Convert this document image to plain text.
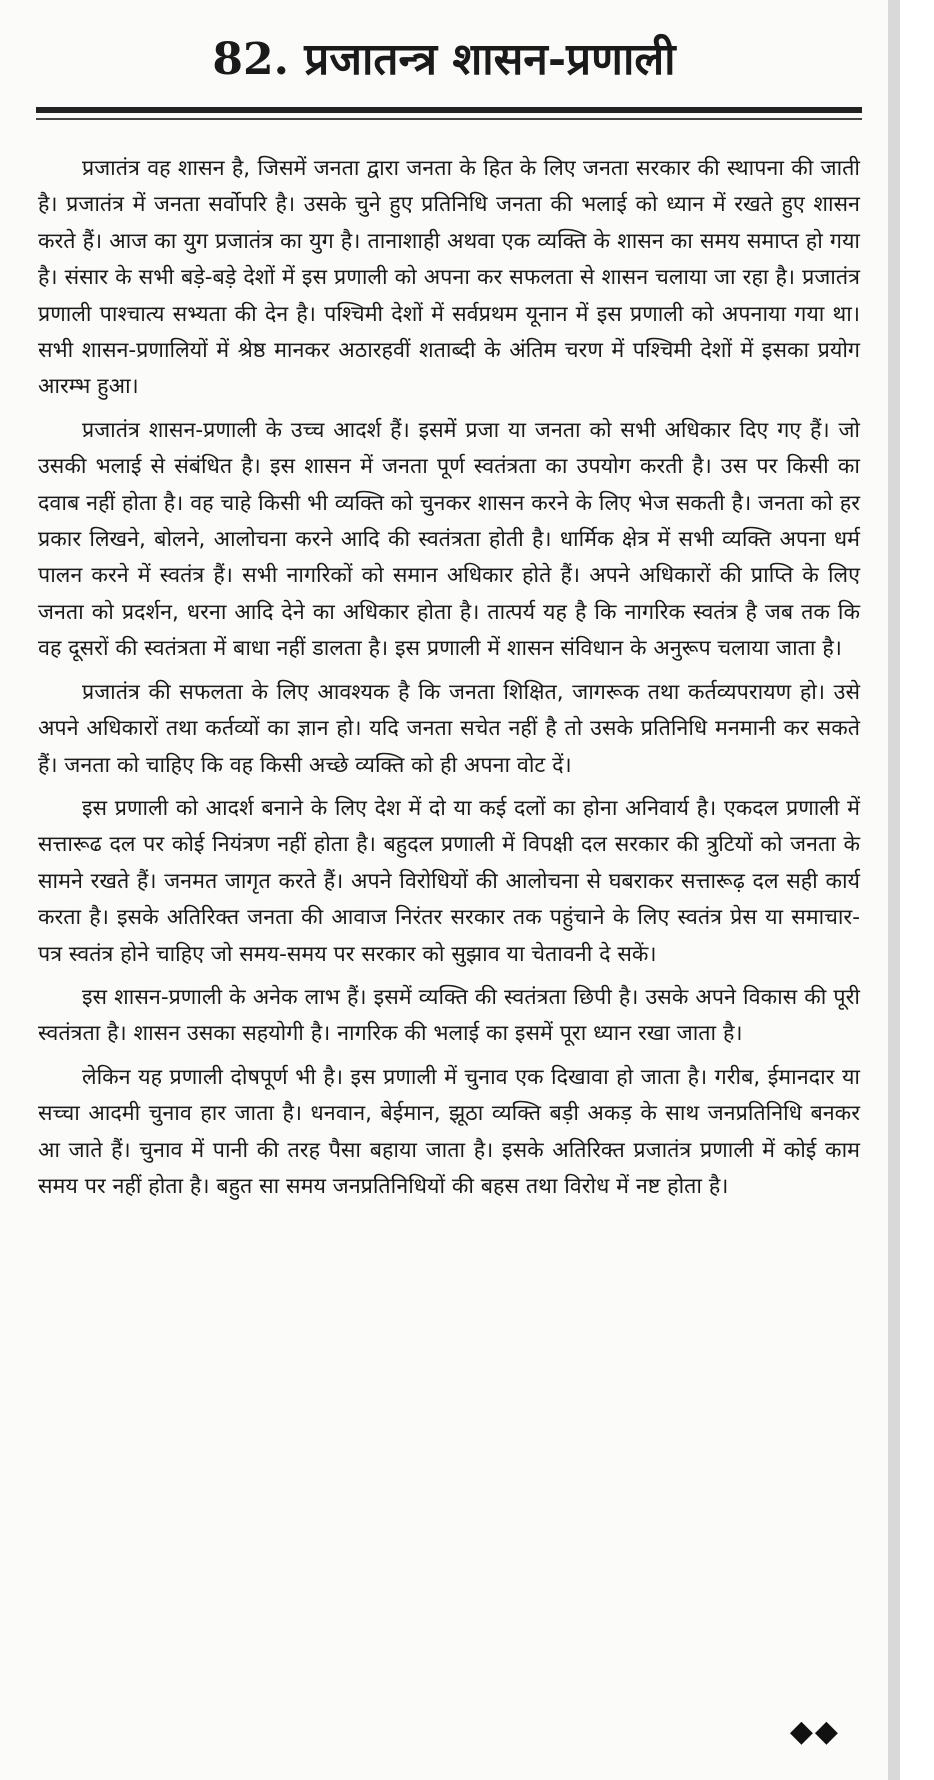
82. प्रजातन्त्र शासन-प्रणाली

प्रजातंत्र वह शासन है, जिसमें जनता द्वारा जनता के हित के लिए जनता सरकार की स्थापना की जाती है। प्रजातंत्र में जनता सर्वोपरि है। उसके चुने हुए प्रतिनिधि जनता की भलाई को ध्यान में रखते हुए शासन करते हैं। आज का युग प्रजातंत्र का युग है। तानाशाही अथवा एक व्यक्ति के शासन का समय समाप्त हो गया है। संसार के सभी बड़े-बड़े देशों में इस प्रणाली को अपना कर सफलता से शासन चलाया जा रहा है। प्रजातंत्र प्रणाली पाश्चात्य सभ्यता की देन है। पश्चिमी देशों में सर्वप्रथम यूनान में इस प्रणाली को अपनाया गया था। सभी शासन-प्रणालियों में श्रेष्ठ मानकर अठारहवीं शताब्दी के अंतिम चरण में पश्चिमी देशों में इसका प्रयोग आरम्भ हुआ।

प्रजातंत्र शासन-प्रणाली के उच्च आदर्श हैं। इसमें प्रजा या जनता को सभी अधिकार दिए गए हैं। जो उसकी भलाई से संबंधित है। इस शासन में जनता पूर्ण स्वतंत्रता का उपयोग करती है। उस पर किसी का दवाब नहीं होता है। वह चाहे किसी भी व्यक्ति को चुनकर शासन करने के लिए भेज सकती है। जनता को हर प्रकार लिखने, बोलने, आलोचना करने आदि की स्वतंत्रता होती है। धार्मिक क्षेत्र में सभी व्यक्ति अपना धर्म पालन करने में स्वतंत्र हैं। सभी नागरिकों को समान अधिकार होते हैं। अपने अधिकारों की प्राप्ति के लिए जनता को प्रदर्शन, धरना आदि देने का अधिकार होता है। तात्पर्य यह है कि नागरिक स्वतंत्र है जब तक कि वह दूसरों की स्वतंत्रता में बाधा नहीं डालता है। इस प्रणाली में शासन संविधान के अनुरूप चलाया जाता है।

प्रजातंत्र की सफलता के लिए आवश्यक है कि जनता शिक्षित, जागरूक तथा कर्तव्यपरायण हो। उसे अपने अधिकारों तथा कर्तव्यों का ज्ञान हो। यदि जनता सचेत नहीं है तो उसके प्रतिनिधि मनमानी कर सकते हैं। जनता को चाहिए कि वह किसी अच्छे व्यक्ति को ही अपना वोट दें।

इस प्रणाली को आदर्श बनाने के लिए देश में दो या कई दलों का होना अनिवार्य है। एकदल प्रणाली में सत्तारूढ दल पर कोई नियंत्रण नहीं होता है। बहुदल प्रणाली में विपक्षी दल सरकार की त्रुटियों को जनता के सामने रखते हैं। जनमत जागृत करते हैं। अपने विरोधियों की आलोचना से घबराकर सत्तारूढ़ दल सही कार्य करता है। इसके अतिरिक्त जनता की आवाज निरंतर सरकार तक पहुंचाने के लिए स्वतंत्र प्रेस या समाचार-पत्र स्वतंत्र होने चाहिए जो समय-समय पर सरकार को सुझाव या चेतावनी दे सकें।

इस शासन-प्रणाली के अनेक लाभ हैं। इसमें व्यक्ति की स्वतंत्रता छिपी है। उसके अपने विकास की पूरी स्वतंत्रता है। शासन उसका सहयोगी है। नागरिक की भलाई का इसमें पूरा ध्यान रखा जाता है।

लेकिन यह प्रणाली दोषपूर्ण भी है। इस प्रणाली में चुनाव एक दिखावा हो जाता है। गरीब, ईमानदार या सच्चा आदमी चुनाव हार जाता है। धनवान, बेईमान, झूठा व्यक्ति बड़ी अकड़ के साथ जनप्रतिनिधि बनकर आ जाते हैं। चुनाव में पानी की तरह पैसा बहाया जाता है। इसके अतिरिक्त प्रजातंत्र प्रणाली में कोई काम समय पर नहीं होता है। बहुत सा समय जनप्रतिनिधियों की बहस तथा विरोध में नष्ट होता है।

◆◆
